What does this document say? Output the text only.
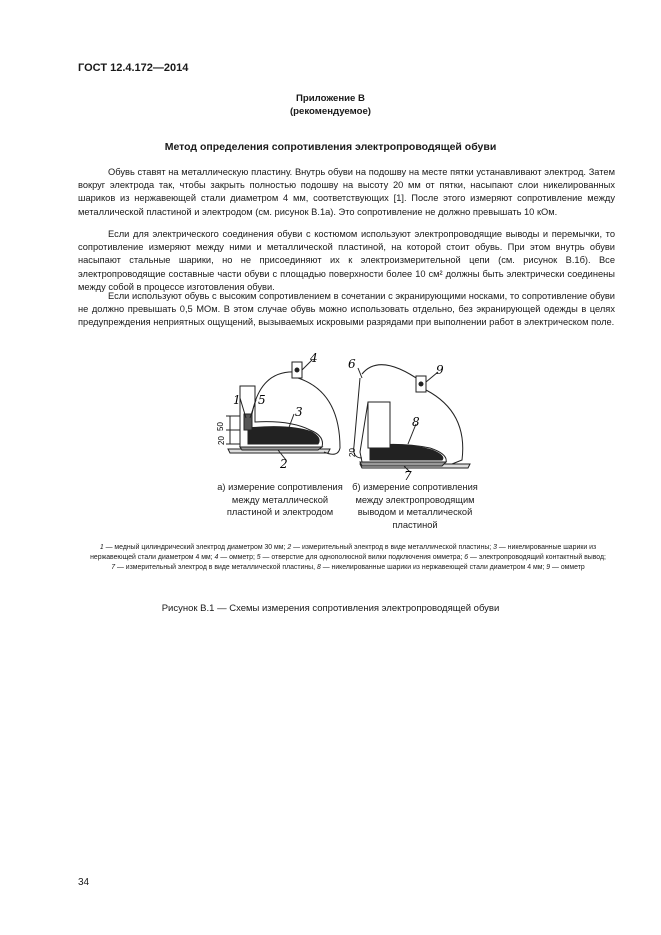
ГОСТ 12.4.172—2014
Приложение В
(рекомендуемое)
Метод определения сопротивления электропроводящей обуви

Обувь ставят на металлическую пластину. Внутрь обуви на подошву на месте пятки устанавливают электрод. Затем вокруг электрода так, чтобы закрыть полностью подошву на высоту 20 мм от пятки, насыпают слои никелированных шариков из нержавеющей стали диаметром 4 мм, соответствующих [1]. После этого измеряют сопротивление между металлической пластиной и электродом (см. рисунок В.1а). Это сопротивление не должно превышать 10 кОм.

Если для электрического соединения обуви с костюмом используют электропроводящие выводы и перемычки, то сопротивление измеряют между ними и металлической пластиной, на которой стоит обувь. При этом внутрь обуви насыпают стальные шарики, но не присоединяют их к электроизмерительной цепи (см. рисунок В.1б). Все электропроводящие составные части обуви с площадью поверхности более 10 см² должны быть электрически соединены между собой в процессе изготовления обуви.

Если используют обувь с высоким сопротивлением в сочетании с экранирующими носками, то сопротивление обуви не должно превышать 0,5 МОм. В этом случае обувь можно использовать отдельно, без экранирующей одежды в целях предупреждения неприятных ощущений, вызываемых искровыми разрядами при выполнении работ в электрическом поле.

1 5
3
2
4
50
20
6	9
8
7
20
а) измерение сопротивления
между металлической
пластиной и электродом
б) измерение сопротивления
между электропроводящим
выводом и металлической
пластиной
1 — медный цилиндрический электрод диаметром 30 мм; 2 — измерительный электрод в виде металлической пластины; 3 — никелированные шарики из нержавеющей стали диаметром 4 мм; 4 — омметр; 5 — отверстие для однополюсной вилки подключения омметра; 6 — электропроводящий контактный вывод; 7 — измерительный электрод в виде металлической пластины, 8 — никелированные шарики из нержавеющей стали диаметром 4 мм; 9 — омметр
Рисунок В.1 — Схемы измерения сопротивления электропроводящей обуви
34
